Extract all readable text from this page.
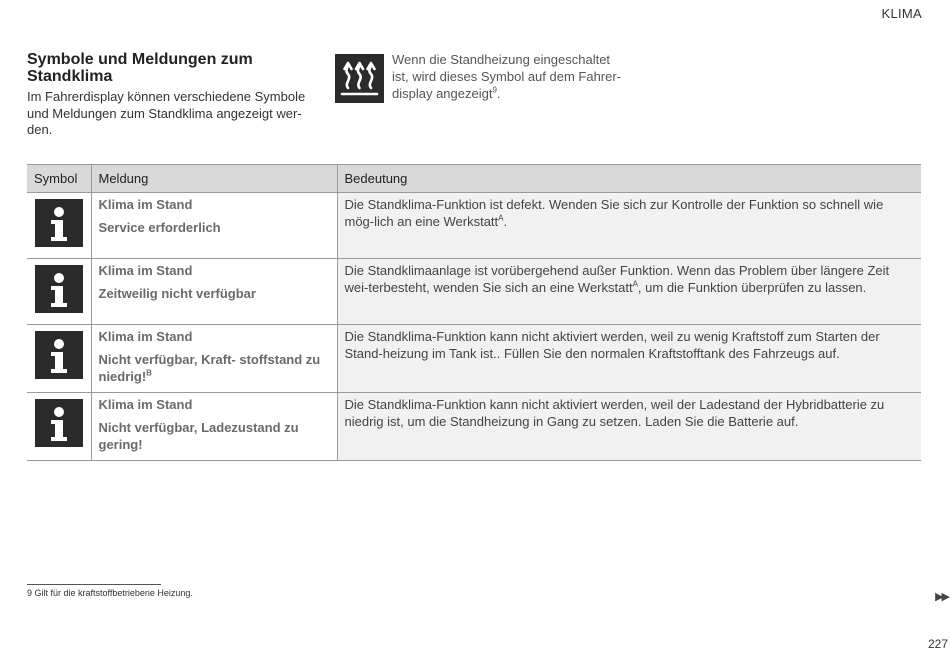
KLIMA
Symbole und Meldungen zum Standklima
Im Fahrerdisplay können verschiedene Symbole und Meldungen zum Standklima angezeigt wer-den.
Wenn die Standheizung eingeschaltet ist, wird dieses Symbol auf dem Fahrer-display angezeigt$^9$.
Symbol	Meldung	Bedeutung

Klima im Stand
Service erforderlich	Die Standklima-Funktion ist defekt. Wenden Sie sich zur Kontrolle der Funktion so schnell wie mög-lich an eine Werkstatt$^A$.

Klima im Stand
Zeitweilig nicht verfügbar	Die Standklimaanlage ist vorübergehend außer Funktion. Wenn das Problem über längere Zeit wei-terbesteht, wenden Sie sich an eine Werkstatt$^A$, um die Funktion überprüfen zu lassen.

Klima im Stand
Nicht verfügbar, Kraft- stoffstand zu niedrig!$^B$	Die Standklima-Funktion kann nicht aktiviert werden, weil zu wenig Kraftstoff zum Starten der Stand-heizung im Tank ist.. Füllen Sie den normalen Kraftstofftank des Fahrzeugs auf.

Klima im Stand
Nicht verfügbar, Ladezustand zu gering!	Die Standklima-Funktion kann nicht aktiviert werden, weil der Ladestand der Hybridbatterie zu niedrig ist, um die Standheizung in Gang zu setzen. Laden Sie die Batterie auf.
9 Gilt für die kraftstoffbetriebene Heizung.	▶▶
227
